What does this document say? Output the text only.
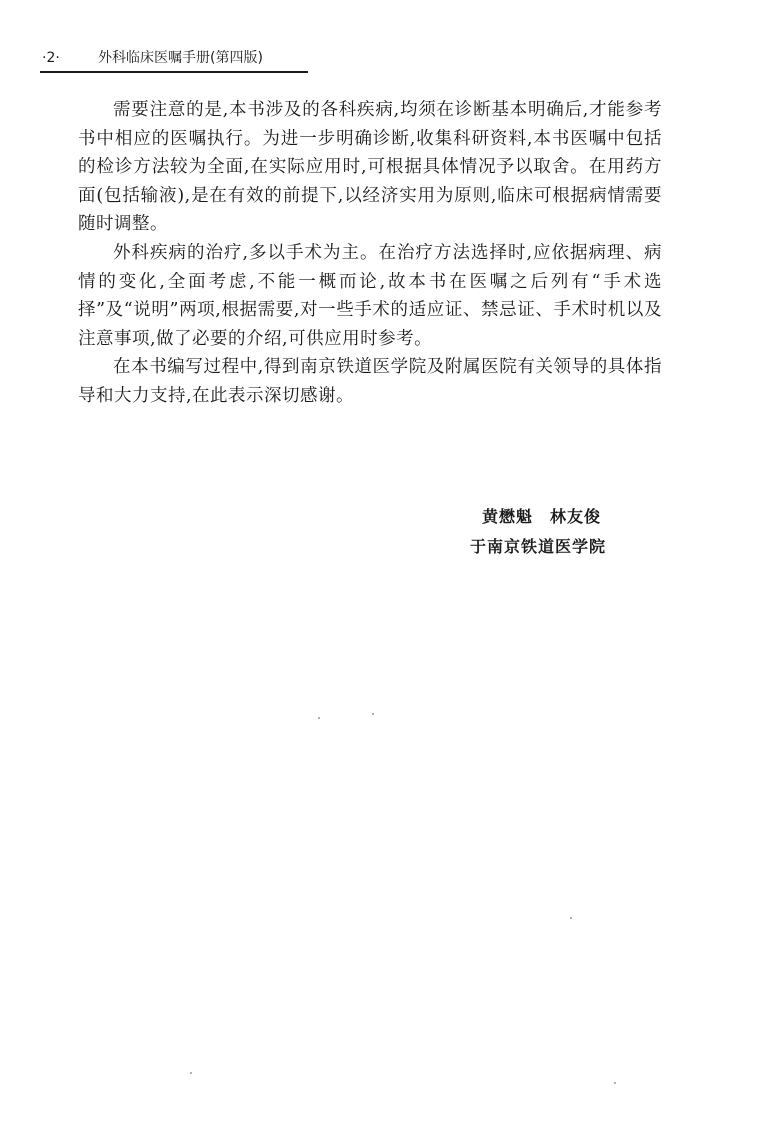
·2·	外科临床医嘱手册(第四版)

需要注意的是,本书涉及的各科疾病,均须在诊断基本明确后,才能参考书中相应的医嘱执行。为进一步明确诊断,收集科研资料,本书医嘱中包括的检诊方法较为全面,在实际应用时,可根据具体情况予以取舍。在用药方面(包括输液),是在有效的前提下,以经济实用为原则,临床可根据病情需要随时调整。

外科疾病的治疗,多以手术为主。在治疗方法选择时,应依据病理、病情的变化,全面考虑,不能一概而论,故本书在医嘱之后列有“手术选择”及“说明”两项,根据需要,对一些手术的适应证、禁忌证、手术时机以及注意事项,做了必要的介绍,可供应用时参考。

在本书编写过程中,得到南京铁道医学院及附属医院有关领导的具体指导和大力支持,在此表示深切感谢。

黄懋魁　林友俊
于南京铁道医学院
